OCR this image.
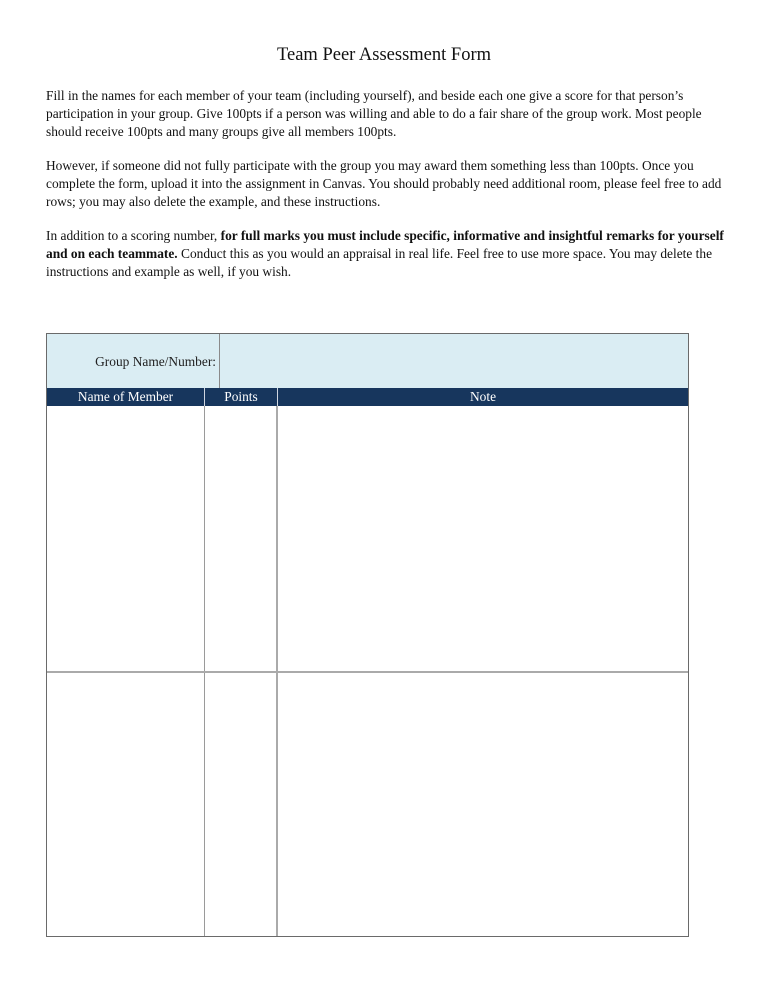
Team Peer Assessment Form
Fill in the names for each member of your team (including yourself), and beside each one give a score for that person’s participation in your group. Give 100pts if a person was willing and able to do a fair share of the group work. Most people should receive 100pts and many groups give all members 100pts.
However, if someone did not fully participate with the group you may award them something less than 100pts. Once you complete the form, upload it into the assignment in Canvas. You should probably need additional room, please feel free to add rows; you may also delete the example, and these instructions.
In addition to a scoring number, for full marks you must include specific, informative and insightful remarks for yourself and on each teammate. Conduct this as you would an appraisal in real life. Feel free to use more space. You may delete the instructions and example as well, if you wish.
Group Name/Number:
Name of Member	Points	Note
